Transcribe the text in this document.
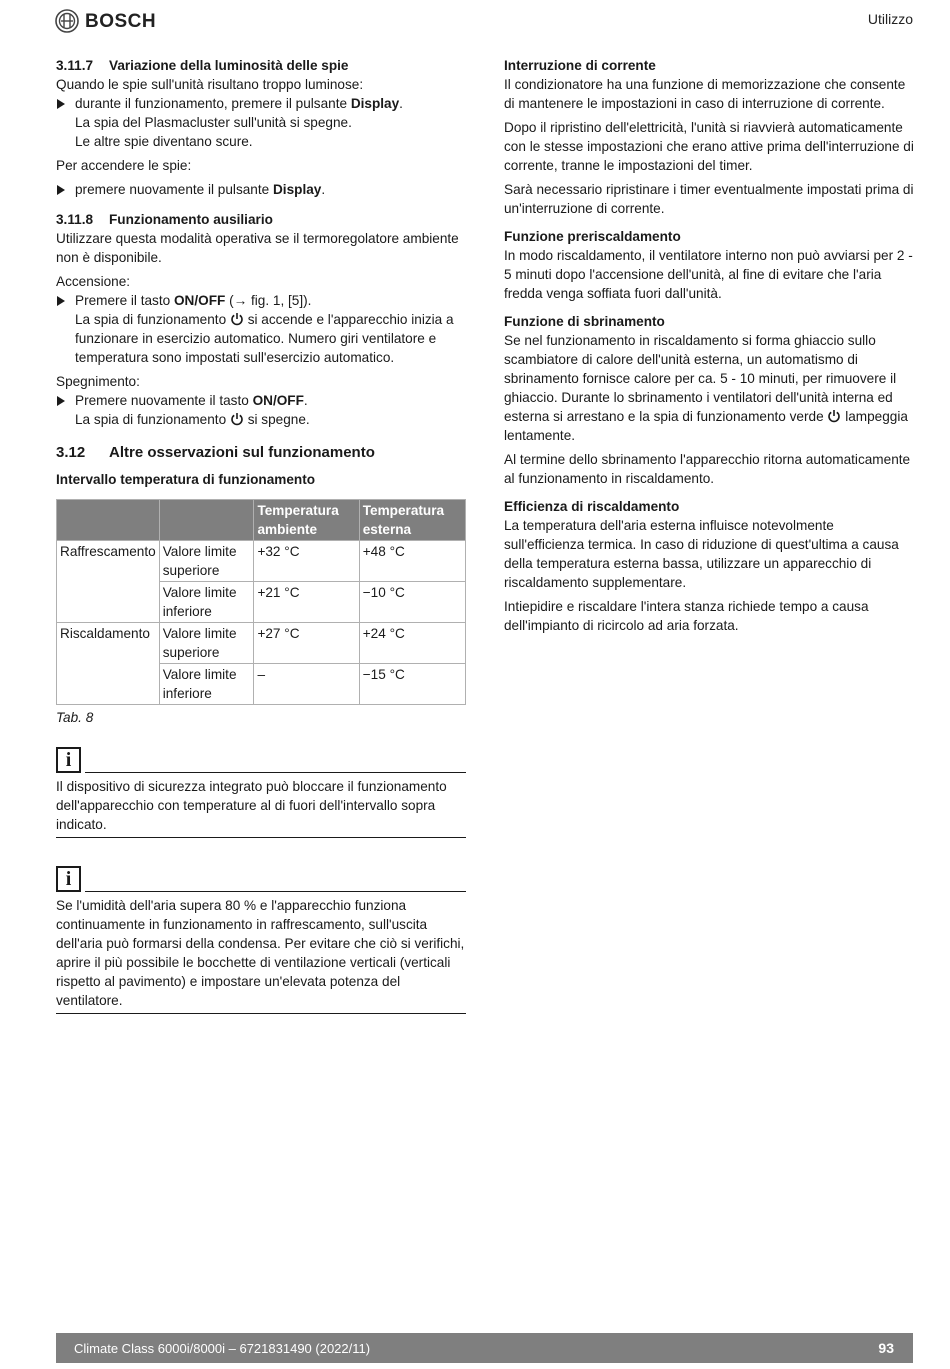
BOSCH	Utilizzo

3.11.7 Variazione della luminosità delle spie

Quando le spie sull'unità risultano troppo luminose:

durante il funzionamento, premere il pulsante Display.

La spia del Plasmacluster sull'unità si spegne.

Le altre spie diventano scure.

Per accendere le spie:

premere nuovamente il pulsante Display.

3.11.8 Funzionamento ausiliario

Utilizzare questa modalità operativa se il termoregolatore ambiente non è disponibile.

Accensione:

Premere il tasto ON/OFF (→ fig. 1, [5]).

La spia di funzionamento  si accende e l'apparecchio inizia a funzionare in esercizio automatico. Numero giri ventilatore e temperatura sono impostati sull'esercizio automatico.

Spegnimento:

Premere nuovamente il tasto ON/OFF.

La spia di funzionamento  si spegne.

3.12 Altre osservazioni sul funzionamento

Intervallo temperatura di funzionamento

		Temperatura ambiente	Temperatura esterna
Raffrescamento	Valore limite superiore	+32 °C	+48 °C
	Valore limite inferiore	+21 °C	−10 °C
Riscaldamento	Valore limite superiore	+27 °C	+24 °C
	Valore limite inferiore	–	−15 °C

Tab. 8

i

Il dispositivo di sicurezza integrato può bloccare il funzionamento dell'apparecchio con temperature al di fuori dell'intervallo sopra indicato.

i

Se l'umidità dell'aria supera 80 % e l'apparecchio funziona continuamente in funzionamento in raffrescamento, sull'uscita dell'aria può formarsi della condensa. Per evitare che ciò si verifichi, aprire il più possibile le bocchette di ventilazione verticali (verticali rispetto al pavimento) e impostare un'elevata potenza del ventilatore.

Interruzione di corrente

Il condizionatore ha una funzione di memorizzazione che consente di mantenere le impostazioni in caso di interruzione di corrente.

Dopo il ripristino dell'elettricità, l'unità si riavvierà automaticamente con le stesse impostazioni che erano attive prima dell'interruzione di corrente, tranne le impostazioni del timer.

Sarà necessario ripristinare i timer eventualmente impostati prima di un'interruzione di corrente.

Funzione preriscaldamento

In modo riscaldamento, il ventilatore interno non può avviarsi per 2 - 5 minuti dopo l'accensione dell'unità, al fine di evitare che l'aria fredda venga soffiata fuori dall'unità.

Funzione di sbrinamento

Se nel funzionamento in riscaldamento si forma ghiaccio sullo scambiatore di calore dell'unità esterna, un automatismo di sbrinamento fornisce calore per ca. 5 - 10 minuti, per rimuovere il ghiaccio. Durante lo sbrinamento i ventilatori dell'unità interna ed esterna si arrestano e la spia di funzionamento verde  lampeggia lentamente.

Al termine dello sbrinamento l'apparecchio ritorna automaticamente al funzionamento in riscaldamento.

Efficienza di riscaldamento

La temperatura dell'aria esterna influisce notevolmente sull'efficienza termica. In caso di riduzione di quest'ultima a causa della temperatura esterna bassa, utilizzare un apparecchio di riscaldamento supplementare.

Intiepidire e riscaldare l'intera stanza richiede tempo a causa dell'impianto di ricircolo ad aria forzata.

Climate Class 6000i/8000i – 6721831490 (2022/11)	93
